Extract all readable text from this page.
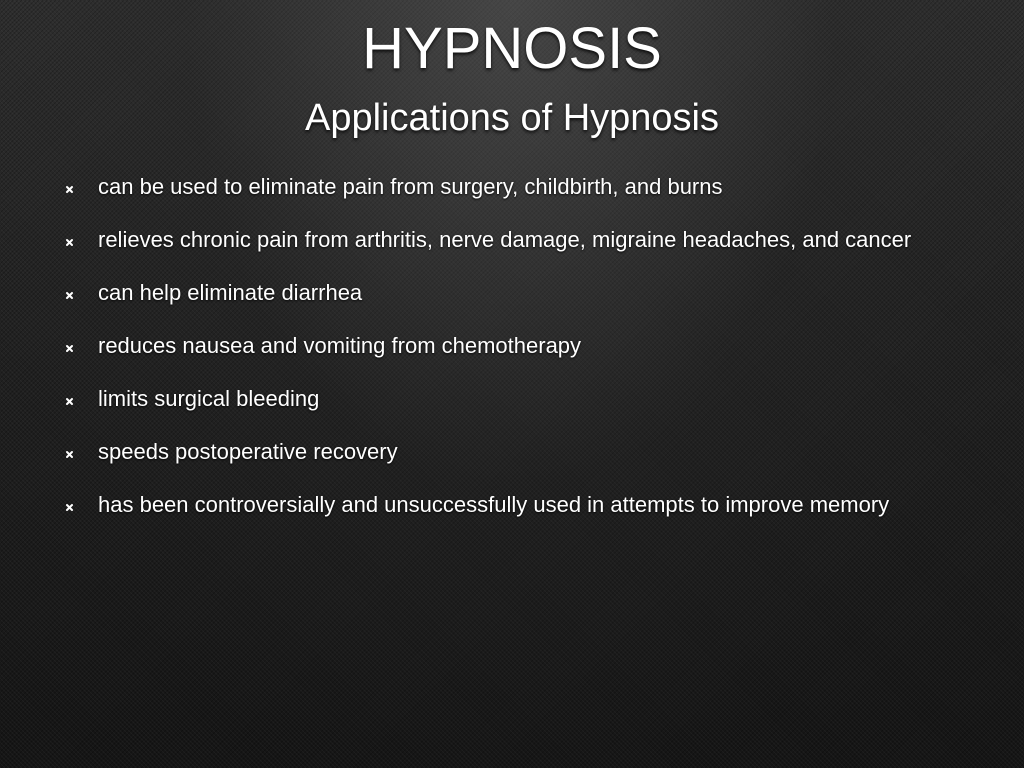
HYPNOSIS
Applications of Hypnosis
can be used to eliminate pain from surgery, childbirth, and burns
relieves chronic pain from arthritis, nerve damage, migraine headaches, and cancer
can help eliminate diarrhea
reduces nausea and vomiting from chemotherapy
limits surgical bleeding
speeds postoperative recovery
has been controversially and unsuccessfully used in attempts to improve memory
